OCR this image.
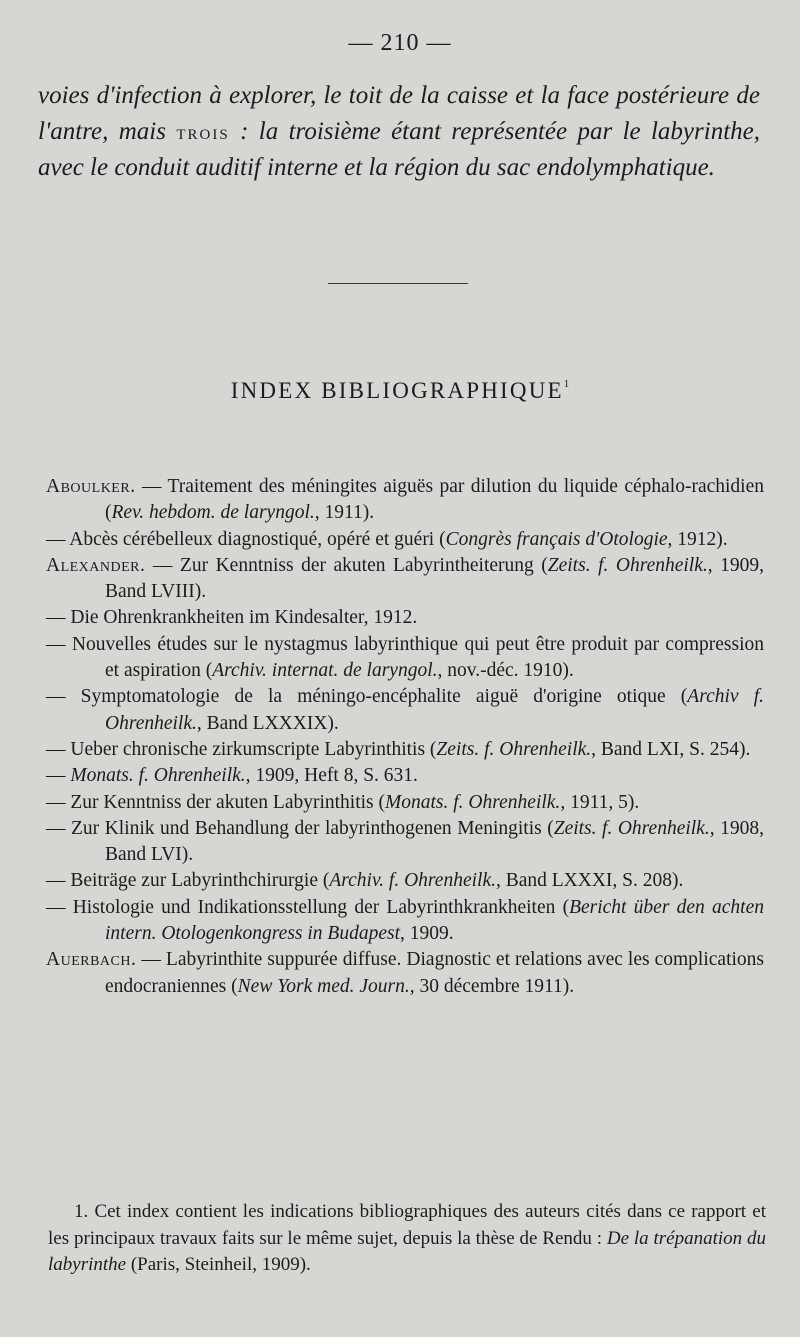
— 210 —

voies d'infection à explorer, le toit de la caisse et la face postérieure de l'antre, mais trois : la troisième étant représentée par le labyrinthe, avec le conduit auditif interne et la région du sac endolymphatique.

INDEX BIBLIOGRAPHIQUE$^1$

Aboulker. — Traitement des méningites aiguës par dilution du liquide céphalo-rachidien (Rev. hebdom. de laryngol., 1911).

— Abcès cérébelleux diagnostiqué, opéré et guéri (Congrès français d'Otologie, 1912).

Alexander. — Zur Kenntniss der akuten Labyrintheiterung (Zeits. f. Ohrenheilk., 1909, Band LVIII).

— Die Ohrenkrankheiten im Kindesalter, 1912.

— Nouvelles études sur le nystagmus labyrinthique qui peut être produit par compression et aspiration (Archiv. internat. de laryngol., nov.-déc. 1910).

— Symptomatologie de la méningo-encéphalite aiguë d'origine otique (Archiv f. Ohrenheilk., Band LXXXIX).

— Ueber chronische zirkumscripte Labyrinthitis (Zeits. f. Ohrenheilk., Band LXI, S. 254).

— Monats. f. Ohrenheilk., 1909, Heft 8, S. 631.

— Zur Kenntniss der akuten Labyrinthitis (Monats. f. Ohrenheilk., 1911, 5).

— Zur Klinik und Behandlung der labyrinthogenen Meningitis (Zeits. f. Ohrenheilk., 1908, Band LVI).

— Beiträge zur Labyrinthchirurgie (Archiv. f. Ohrenheilk., Band LXXXI, S. 208).

— Histologie und Indikationsstellung der Labyrinthkrankheiten (Bericht über den achten intern. Otologenkongress in Budapest, 1909.

Auerbach. — Labyrinthite suppurée diffuse. Diagnostic et relations avec les complications endocraniennes (New York med. Journ., 30 décembre 1911).

1. Cet index contient les indications bibliographiques des auteurs cités dans ce rapport et les principaux travaux faits sur le même sujet, depuis la thèse de Rendu : De la trépanation du labyrinthe (Paris, Steinheil, 1909).
